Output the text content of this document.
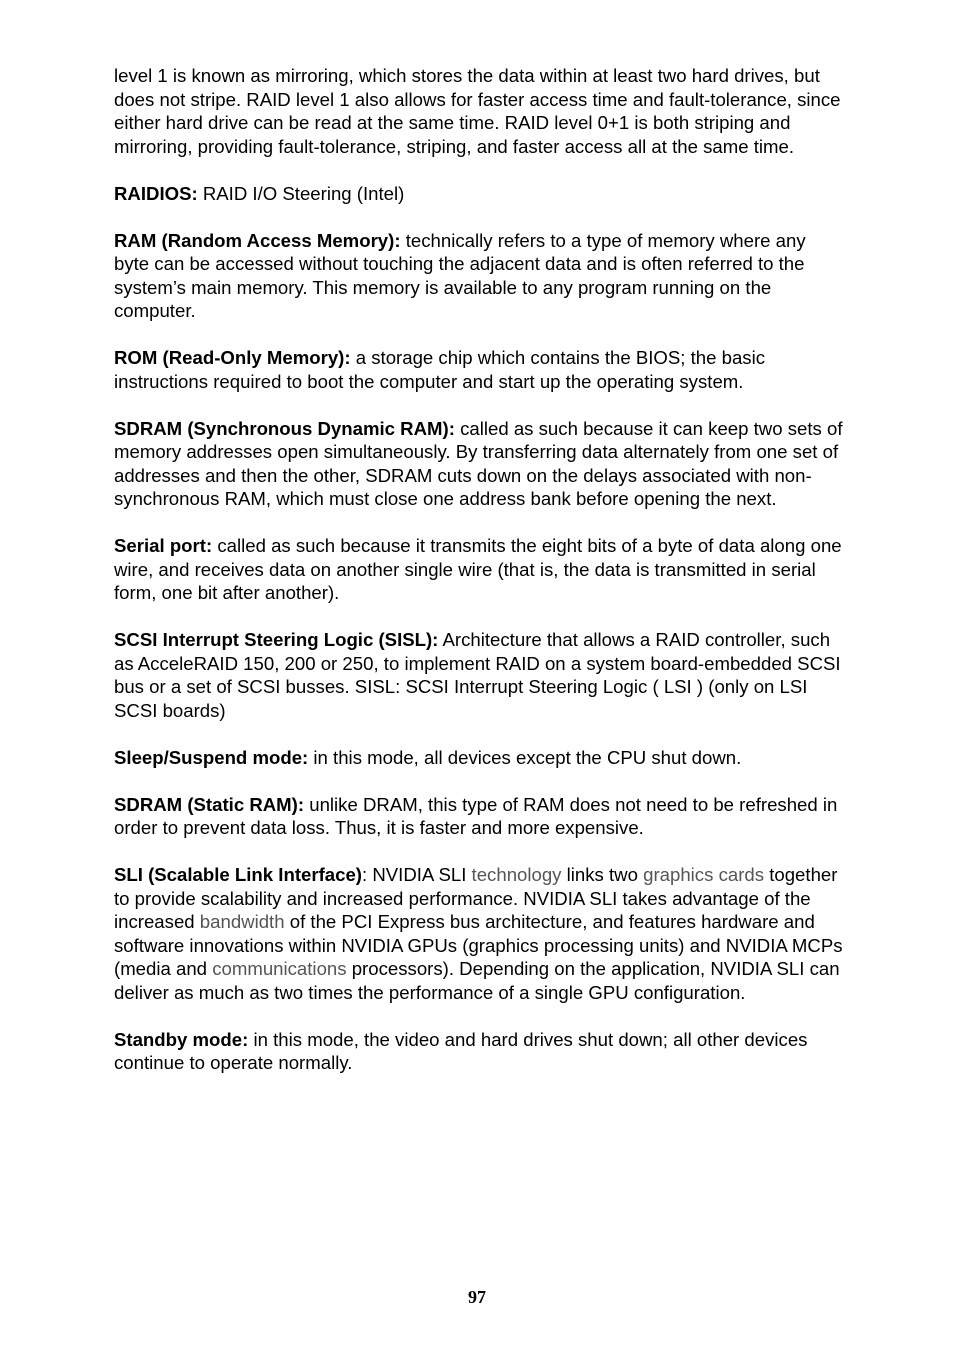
level 1 is known as mirroring, which stores the data within at least two hard drives, but does not stripe. RAID level 1 also allows for faster access time and fault-tolerance, since either hard drive can be read at the same time. RAID level 0+1 is both striping and mirroring, providing fault-tolerance, striping, and faster access all at the same time.

RAIDIOS: RAID I/O Steering (Intel)

RAM (Random Access Memory): technically refers to a type of memory where any byte can be accessed without touching the adjacent data and is often referred to the system’s main memory. This memory is available to any program running on the computer.

ROM (Read-Only Memory): a storage chip which contains the BIOS; the basic instructions required to boot the computer and start up the operating system.

SDRAM (Synchronous Dynamic RAM): called as such because it can keep two sets of memory addresses open simultaneously. By transferring data alternately from one set of addresses and then the other, SDRAM cuts down on the delays associated with non-synchronous RAM, which must close one address bank before opening the next.

Serial port: called as such because it transmits the eight bits of a byte of data along one wire, and receives data on another single wire (that is, the data is transmitted in serial form, one bit after another).

SCSI Interrupt Steering Logic (SISL): Architecture that allows a RAID controller, such as AcceleRAID 150, 200 or 250, to implement RAID on a system board-embedded SCSI bus or a set of SCSI busses. SISL: SCSI Interrupt Steering Logic ( LSI ) (only on LSI SCSI boards)

Sleep/Suspend mode: in this mode, all devices except the CPU shut down.

SDRAM (Static RAM): unlike DRAM, this type of RAM does not need to be refreshed in order to prevent data loss. Thus, it is faster and more expensive.

SLI (Scalable Link Interface): NVIDIA SLI technology links two graphics cards together to provide scalability and increased performance. NVIDIA SLI takes advantage of the increased bandwidth of the PCI Express bus architecture, and features hardware and software innovations within NVIDIA GPUs (graphics processing units) and NVIDIA MCPs (media and communications processors). Depending on the application, NVIDIA SLI can deliver as much as two times the performance of a single GPU configuration.

Standby mode: in this mode, the video and hard drives shut down; all other devices continue to operate normally.

97
